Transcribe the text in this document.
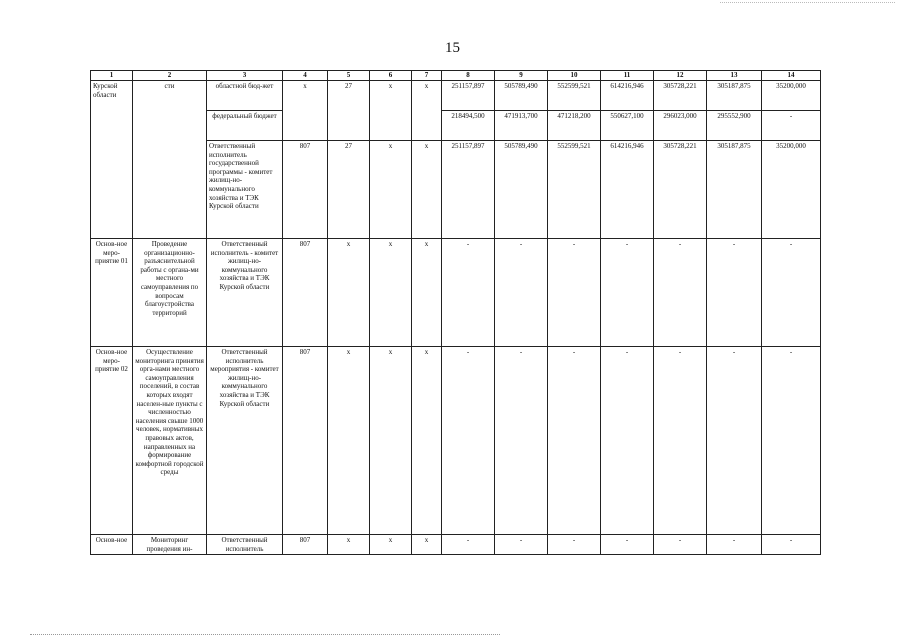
15
1	2	3	4	5	6	7	8	9	10	11	12	13	14
Курской области	сти	областной бюд-жет	х	27	х	х	251157,897	505789,490	552599,521	614216,946	305728,221	305187,875	35200,000
		федеральный бюджет					218494,500	471913,700	471218,200	550627,100	296023,000	295552,900	-
		Ответственный исполнитель государственной программы - комитет жилищ-но-коммунального хозяйства и ТЭК Курской области	807	27	х	х	251157,897	505789,490	552599,521	614216,946	305728,221	305187,875	35200,000
Основ-ное меро-приятие 01	Проведение организационно-разъяснительной работы с органа-ми местного самоуправления по вопросам благоустройства территорий	Ответственный исполнитель - комитет жилищ-но-коммунального хозяйства и ТЭК Курской области	807	х	х	х	-	-	-	-	-	-	-
Основ-ное меро-приятие 02	Осуществление мониторинга принятия орга-нами местного самоуправления поселений, в состав которых входят населен-ные пункты с численностью населения свыше 1000 человек, нормативных правовых актов, направленных на формирование комфортной городской среды	Ответственный исполнитель мероприятия - комитет жилищ-но-коммунального хозяйства и ТЭК Курской области	807	х	х	х	-	-	-	-	-	-	-
Основ-ное	Мониторинг проведения ин-	Ответственный исполнитель	807	х	х	х	-	-	-	-	-	-	-
